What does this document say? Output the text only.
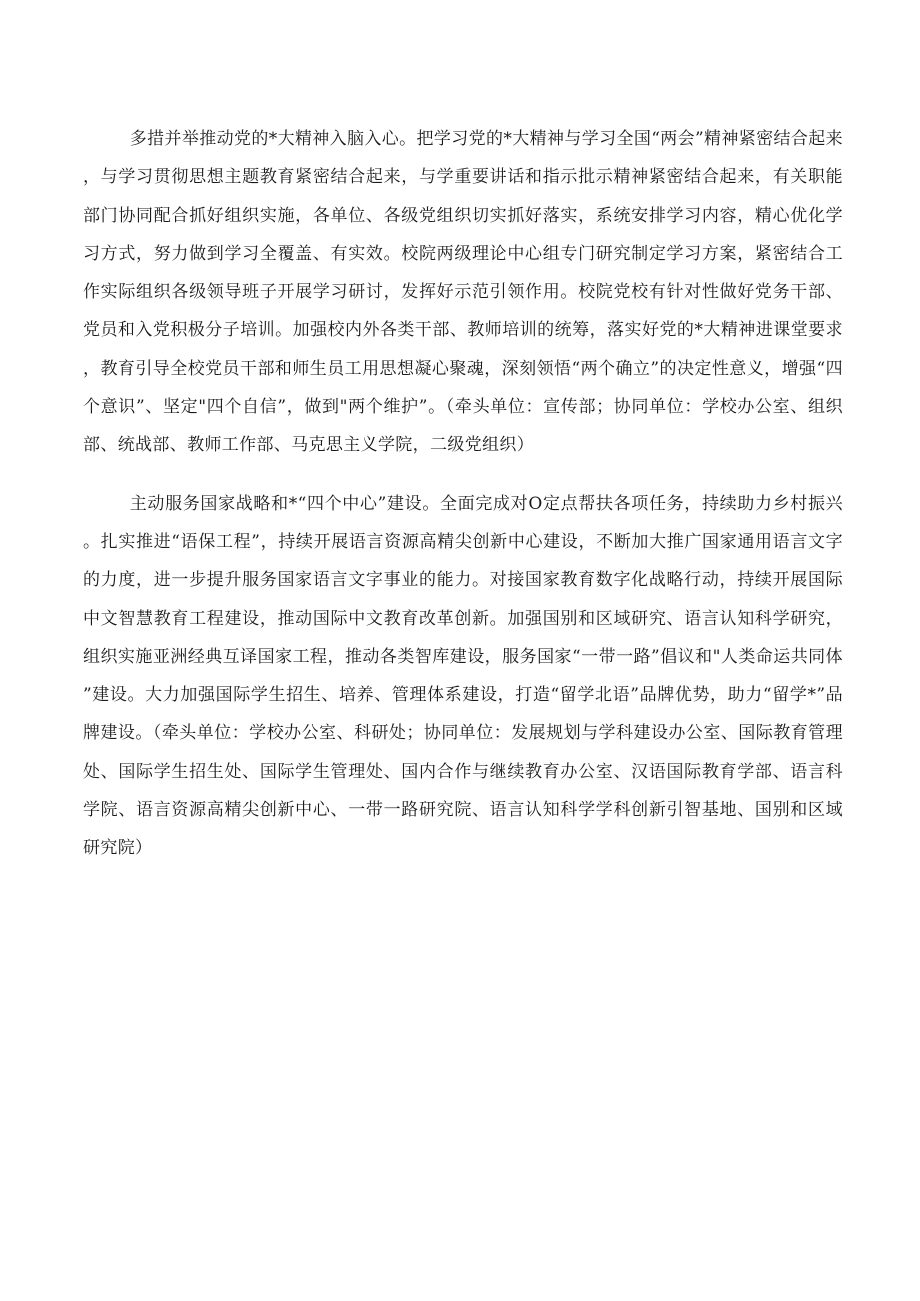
多措并举推动党的*大精神入脑入心。把学习党的*大精神与学习全国“两会”精神紧密结合起来，与学习贯彻思想主题教育紧密结合起来，与学重要讲话和指示批示精神紧密结合起来，有关职能部门协同配合抓好组织实施，各单位、各级党组织切实抓好落实，系统安排学习内容，精心优化学习方式，努力做到学习全覆盖、有实效。校院两级理论中心组专门研究制定学习方案，紧密结合工作实际组织各级领导班子开展学习研讨，发挥好示范引领作用。校院党校有针对性做好党务干部、党员和入党积极分子培训。加强校内外各类干部、教师培训的统筹，落实好党的*大精神进课堂要求，教育引导全校党员干部和师生员工用思想凝心聚魂，深刻领悟“两个确立”的决定性意义，增强“四个意识”、坚定"四个自信”，做到"两个维护”。（牵头单位：宣传部；协同单位：学校办公室、组织部、统战部、教师工作部、马克思主义学院，二级党组织）

主动服务国家战略和*“四个中心”建设。全面完成对O定点帮扶各项任务，持续助力乡村振兴。扎实推进“语保工程”，持续开展语言资源高精尖创新中心建设，不断加大推广国家通用语言文字的力度，进一步提升服务国家语言文字事业的能力。对接国家教育数字化战略行动，持续开展国际中文智慧教育工程建设，推动国际中文教育改革创新。加强国别和区域研究、语言认知科学研究，组织实施亚洲经典互译国家工程，推动各类智库建设，服务国家“一带一路”倡议和"人类命运共同体”建设。大力加强国际学生招生、培养、管理体系建设，打造“留学北语”品牌优势，助力“留学*”品牌建设。（牵头单位：学校办公室、科研处；协同单位：发展规划与学科建设办公室、国际教育管理处、国际学生招生处、国际学生管理处、国内合作与继续教育办公室、汉语国际教育学部、语言科学院、语言资源高精尖创新中心、一带一路研究院、语言认知科学学科创新引智基地、国别和区域研究院）
